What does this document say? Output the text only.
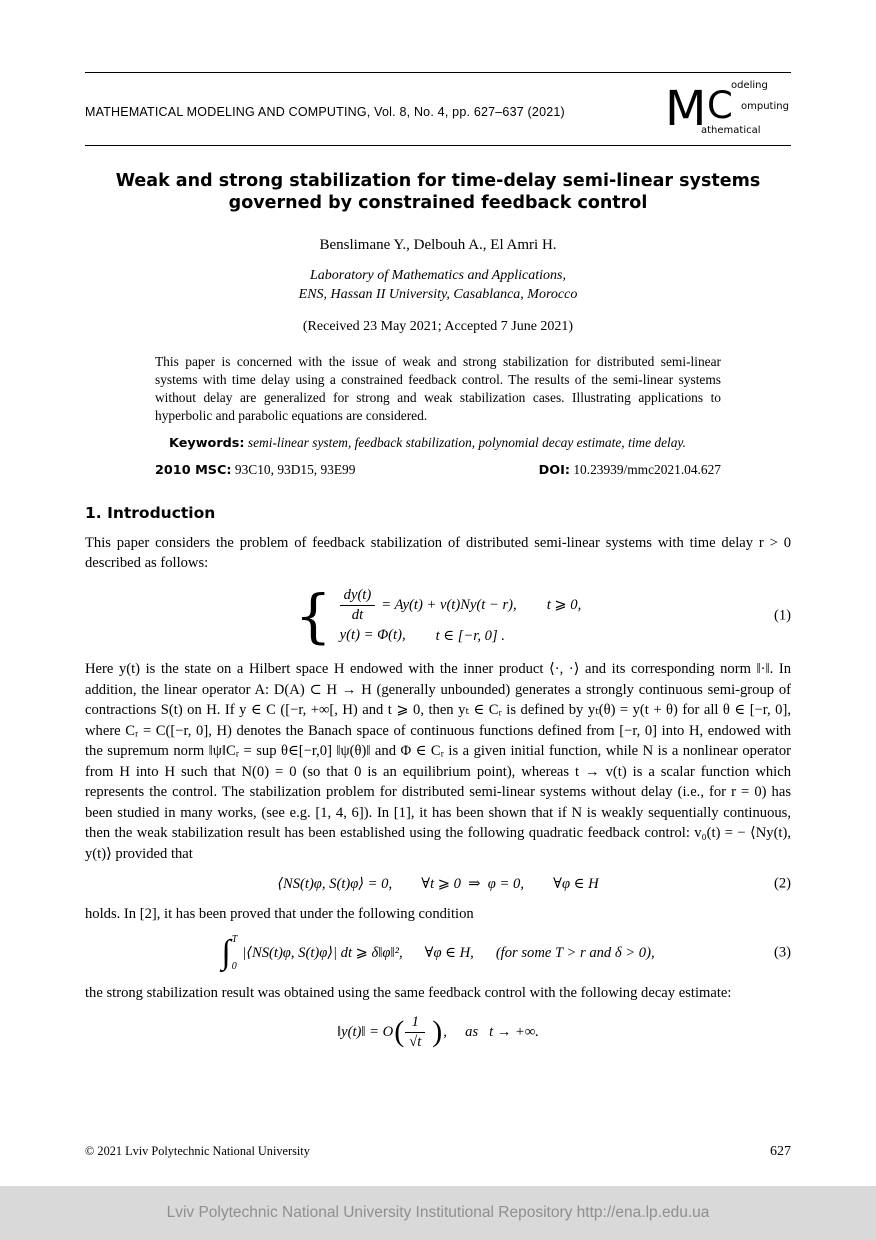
MATHEMATICAL MODELING AND COMPUTING, Vol. 8, No. 4, pp. 627–637 (2021) M odeling
C omputing
athematical
Weak and strong stabilization for time-delay semi-linear systems governed by constrained feedback control
Benslimane Y., Delbouh A., El Amri H.
Laboratory of Mathematics and Applications,
ENS, Hassan II University, Casablanca, Morocco
(Received 23 May 2021; Accepted 7 June 2021)
This paper is concerned with the issue of weak and strong stabilization for distributed semi-linear systems with time delay using a constrained feedback control. The results of the semi-linear systems without delay are generalized for strong and weak stabilization cases. Illustrating applications to hyperbolic and parabolic equations are considered.

Keywords: semi-linear system, feedback stabilization, polynomial decay estimate, time delay.

2010 MSC: 93C10, 93D15, 93E99	DOI: 10.23939/mmc2021.04.627
1. Introduction

This paper considers the problem of feedback stabilization of distributed semi-linear systems with time delay r > 0 described as follows:

{ $\frac{dy(t)}{dt} = Ay(t) + v(t)Ny(t - r)$, t ⩾ 0,
y(t) = Φ(t), t ∈ [−r, 0] .
(1)

Here y(t) is the state on a Hilbert space H endowed with the inner product ⟨·, ·⟩ and its corresponding norm ‖·‖. In addition, the linear operator A: D(A) ⊂ H → H (generally unbounded) generates a strongly continuous semi-group of contractions S(t) on H. If y ∈ C ([−r, +∞[, H) and t ⩾ 0, then yₜ ∈ Cᵣ is defined by yₜ(θ) = y(t + θ) for all θ ∈ [−r, 0], where Cᵣ = C([−r, 0], H) denotes the Banach space of continuous functions defined from [−r, 0] into H, endowed with the supremum norm ‖ψ‖Cᵣ = sup θ∈[−r,0] ‖ψ(θ)‖ and Φ ∈ Cᵣ is a given initial function, while N is a nonlinear operator from H into H such that N(0) = 0 (so that 0 is an equilibrium point), whereas t → v(t) is a scalar function which represents the control. The stabilization problem for distributed semi-linear systems without delay (i.e., for r = 0) has been studied in many works, (see e.g. [1, 4, 6]). In [1], it has been shown that if N is weakly sequentially continuous, then the weak stabilization result has been established using the following quadratic feedback control: v₀(t) = − ⟨Ny(t), y(t)⟩ provided that

⟨NS(t)φ, S(t)φ⟩ = 0,  ∀t ⩾ 0 ⇒ φ = 0,  ∀φ ∈ H	(2)

holds. In [2], it has been proved that under the following condition

∫ T
0
|⟨NS(t)φ, S(t)φ⟩| dt ⩾ δ‖φ‖², ∀φ ∈ H, (for some T > r and δ > 0),	(3)

the strong stabilization result was obtained using the same feedback control with the following decay estimate:

‖y(t)‖ = O ( $\frac{1}{√t}$ ) ,  as  t → +∞.
© 2021 Lviv Polytechnic National University	627
Lviv Polytechnic National University Institutional Repository http://ena.lp.edu.ua
